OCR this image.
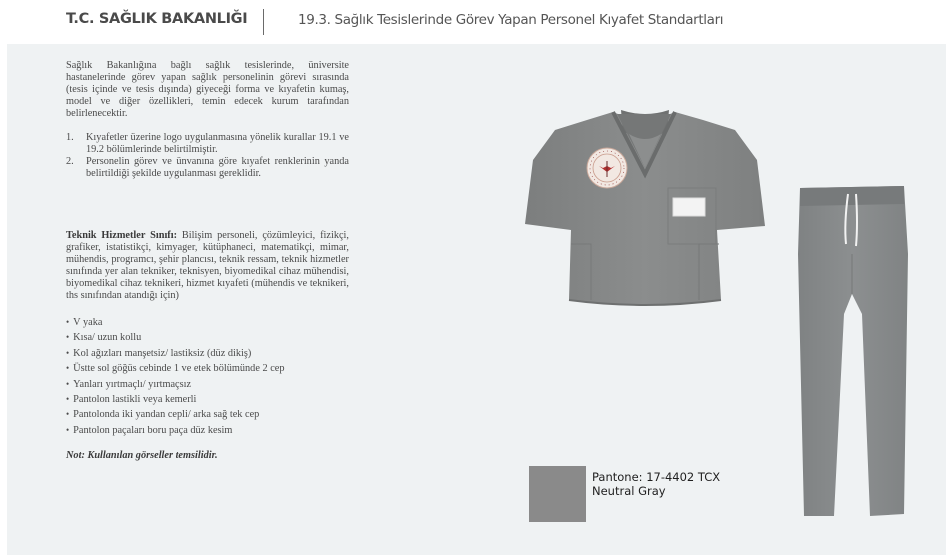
T.C. SAĞLIK BAKANLIĞI	19.3. Sağlık Tesislerinde Görev Yapan Personel Kıyafet Standartları

Sağlık Bakanlığına bağlı sağlık tesislerinde, üniversite hastanelerinde görev yapan sağlık personelinin görevi sırasında (tesis içinde ve tesis dışında) giyeceği forma ve kıyafetin kumaş, model ve diğer özellikleri, temin edecek kurum tarafından belirlenecektir.

1.	Kıyafetler üzerine logo uygulanmasına yönelik kurallar 19.1 ve 19.2 bölümlerinde belirtilmiştir.
2.	Personelin görev ve ünvanına göre kıyafet renklerinin yanda belirtildiği şekilde uygulanması gereklidir.

Teknik Hizmetler Sınıfı: Bilişim personeli, çözümleyici, fizikçi, grafiker, istatistikçi, kimyager, kütüphaneci, matematikçi, mimar, mühendis, programcı, şehir plancısı, teknik ressam, teknik hizmetler sınıfında yer alan tekniker, teknisyen, biyomedikal cihaz mühendisi, biyomedikal cihaz teknikeri, hizmet kıyafeti (mühendis ve teknikeri, ths sınıfından atandığı için)

• V yaka
• Kısa/ uzun kollu
• Kol ağızları manşetsiz/ lastiksiz (düz dikiş)
• Üstte sol göğüs cebinde 1 ve etek bölümünde 2 cep
• Yanları yırtmaçlı/ yırtmaçsız
• Pantolon lastikli veya kemerli
• Pantolonda iki yandan cepli/ arka sağ tek cep
• Pantolon paçaları boru paça düz kesim

Not: Kullanılan görseller temsilidir.

Pantone: 17-4402 TCX
Neutral Gray
